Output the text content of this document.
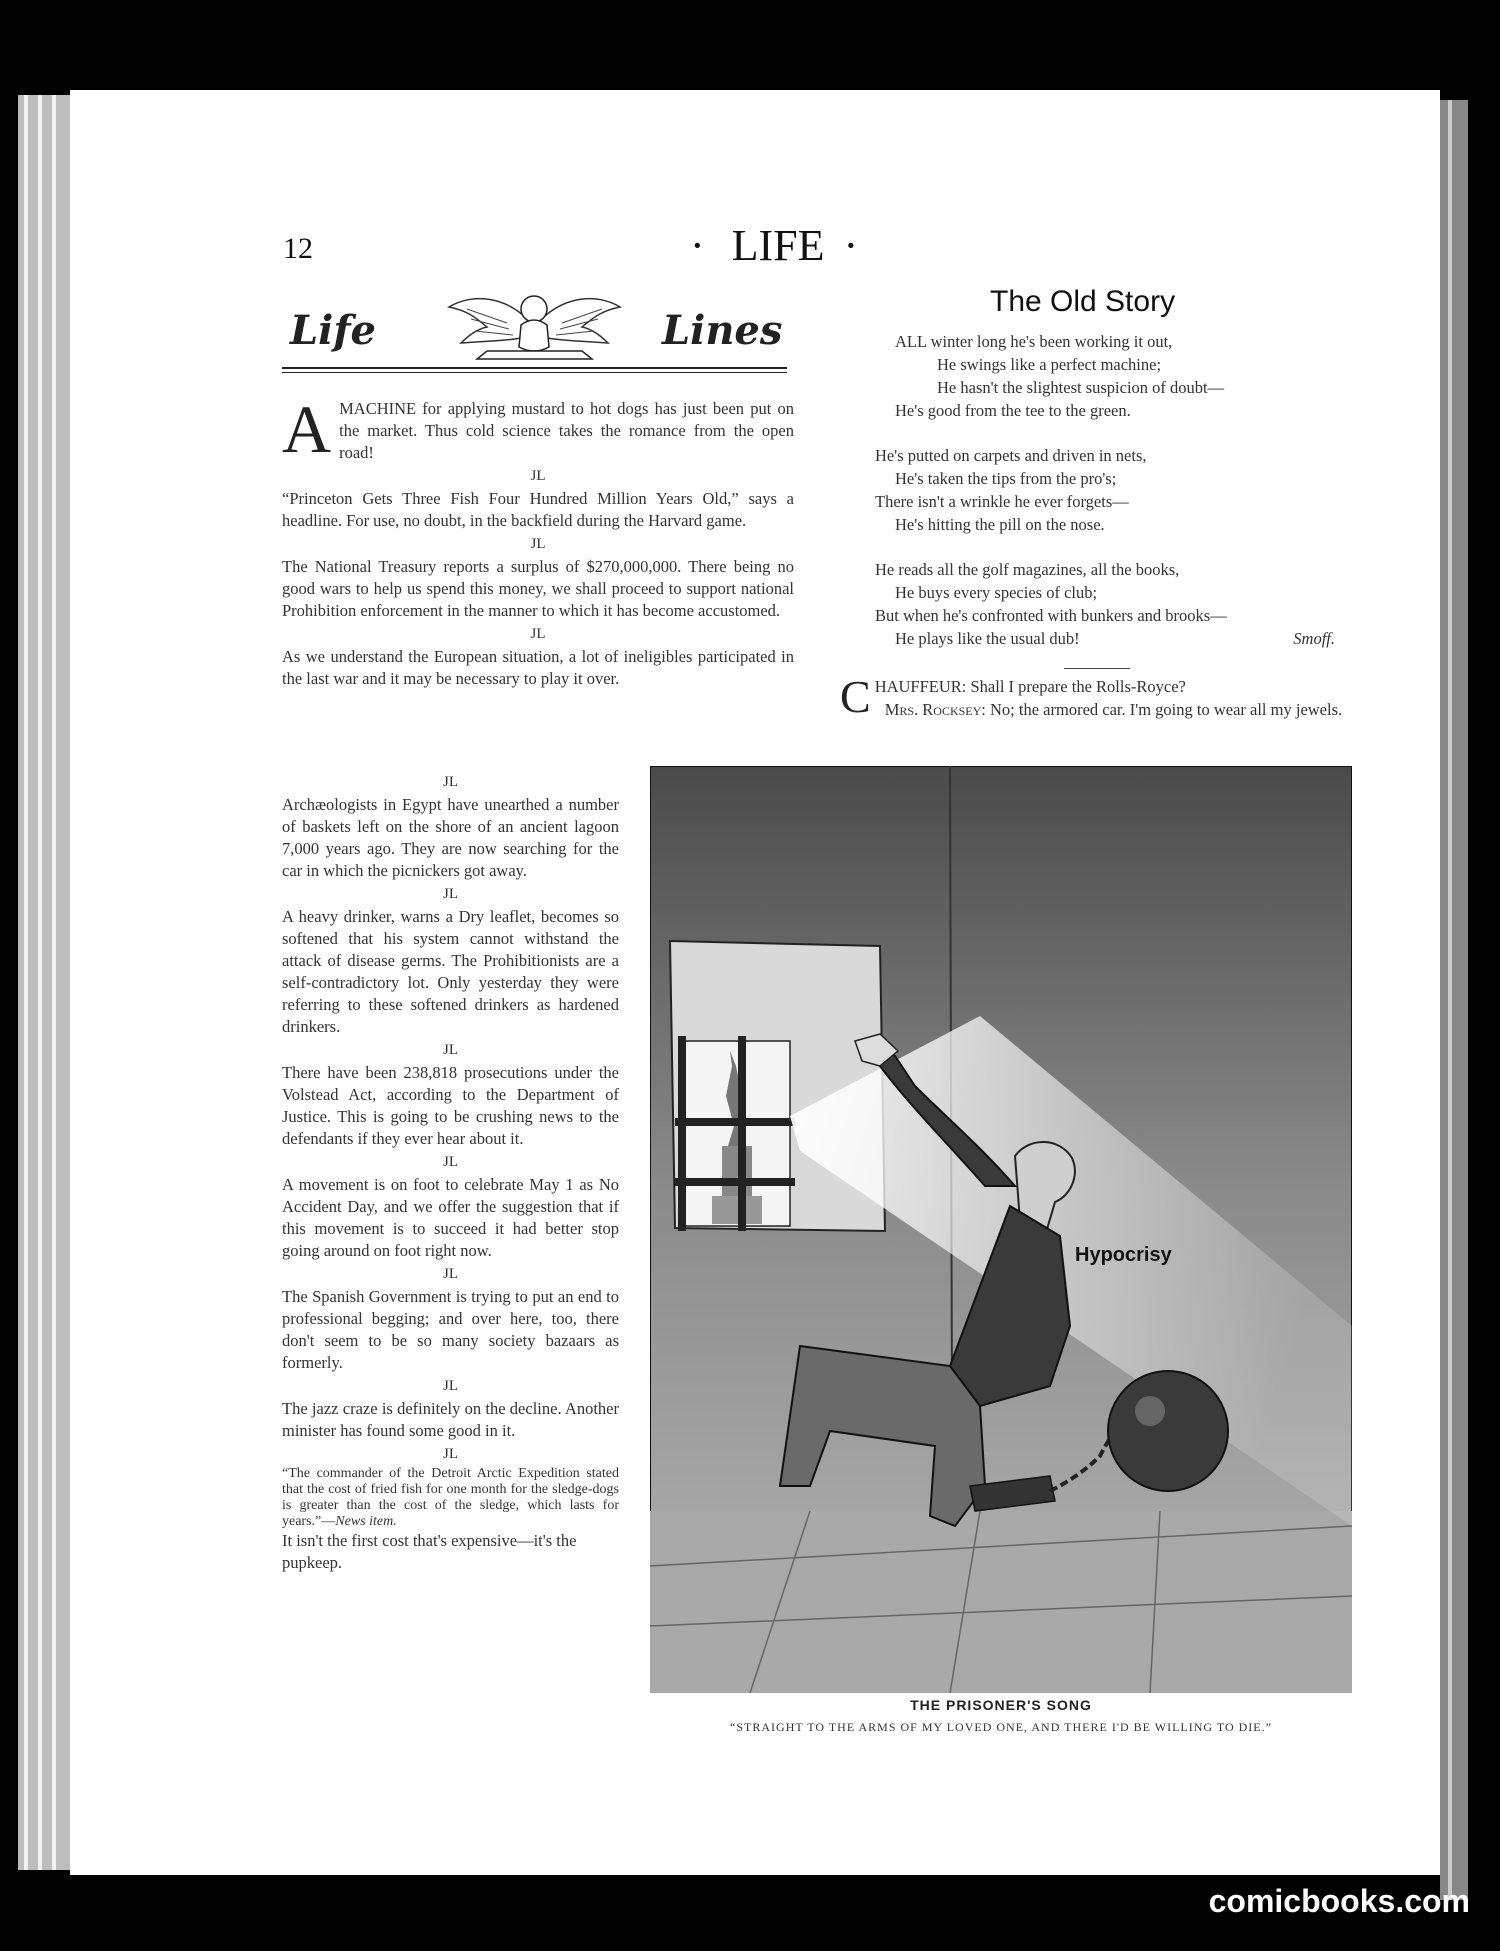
12	· LIFE ·
Life	Lines

AMACHINE for applying mustard to hot dogs has just been put on the market. Thus cold science takes the romance from the open road!

JL

“Princeton Gets Three Fish Four Hundred Million Years Old,” says a headline. For use, no doubt, in the backfield during the Harvard game.

JL

The National Treasury reports a surplus of $270,000,000. There being no good wars to help us spend this money, we shall proceed to support national Prohibition enforcement in the manner to which it has become accustomed.

JL

As we understand the European situation, a lot of ineligibles participated in the last war and it may be necessary to play it over.

JL

Archæologists in Egypt have unearthed a number of baskets left on the shore of an ancient lagoon 7,000 years ago. They are now searching for the car in which the picnickers got away.

JL

A heavy drinker, warns a Dry leaflet, becomes so softened that his system cannot withstand the attack of disease germs. The Prohibitionists are a self-contradictory lot. Only yesterday they were referring to these softened drinkers as hardened drinkers.

JL

There have been 238,818 prosecutions under the Volstead Act, according to the Department of Justice. This is going to be crushing news to the defendants if they ever hear about it.

JL

A movement is on foot to celebrate May 1 as No Accident Day, and we offer the suggestion that if this movement is to succeed it had better stop going around on foot right now.

JL

The Spanish Government is trying to put an end to professional begging; and over here, too, there don't seem to be so many society bazaars as formerly.

JL

The jazz craze is definitely on the decline. Another minister has found some good in it.

JL

“The commander of the Detroit Arctic Expedition stated that the cost of fried fish for one month for the sledge-dogs is greater than the cost of the sledge, which lasts for years.”—News item.

It isn't the first cost that's expensive—it's the pupkeep.

The Old Story
ALL winter long he's been working it out,
He swings like a perfect machine;
He hasn't the slightest suspicion of doubt—
He's good from the tee to the green.
He's putted on carpets and driven in nets,
He's taken the tips from the pro's;
There isn't a wrinkle he ever forgets—
He's hitting the pill on the nose.
He reads all the golf magazines, all the books,
He buys every species of club;
But when he's confronted with bunkers and brooks—
He plays like the usual dub!	Smoff.
CHAUFFEUR: Shall I prepare the Rolls-Royce?
Mrs. Rocksey: No; the armored car. I'm going to wear all my jewels.
Hypocrisy
THE PRISONER'S SONG
“STRAIGHT TO THE ARMS OF MY LOVED ONE, AND THERE I'D BE WILLING TO DIE.”
comicbooks.com
